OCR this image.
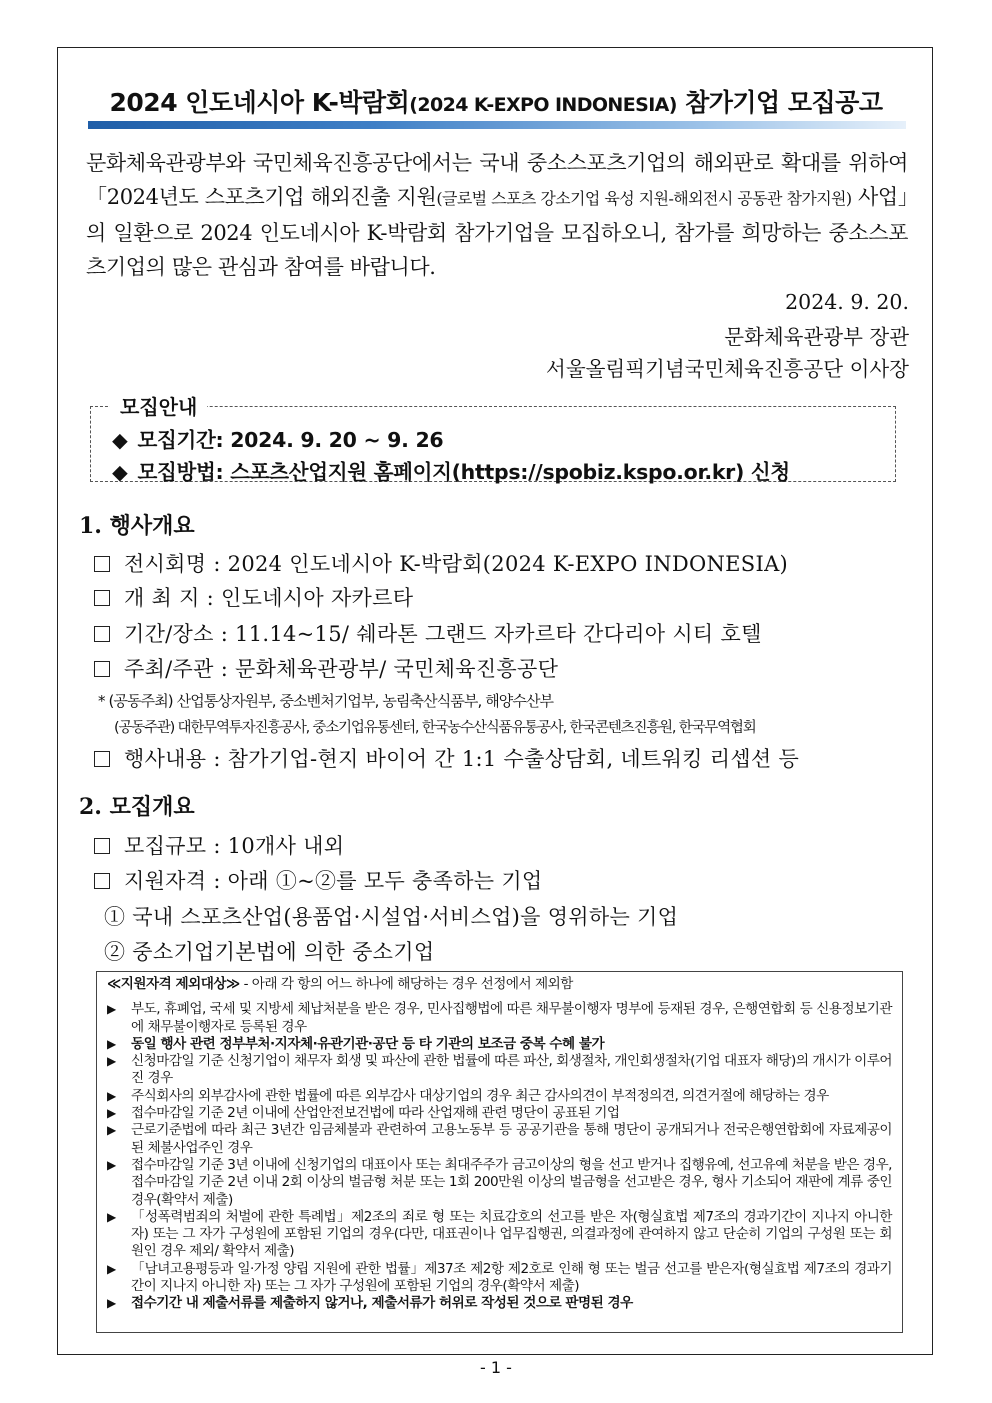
2024 인도네시아 K-박람회(2024 K-EXPO INDONESIA) 참가기업 모집공고
문화체육관광부와 국민체육진흥공단에서는 국내 중소스포츠기업의 해외판로 확대를 위하여「2024년도 스포츠기업 해외진출 지원(글로벌 스포츠 강소기업 육성 지원-해외전시 공동관 참가지원) 사업」의 일환으로 2024 인도네시아 K-박람회 참가기업을 모집하오니, 참가를 희망하는 중소스포츠기업의 많은 관심과 참여를 바랍니다.
2024. 9. 20.
문화체육관광부 장관
서울올림픽기념국민체육진흥공단 이사장
모집안내
◆ 모집기간: 2024. 9. 20 ~ 9. 26
◆ 모집방법: 스포츠산업지원 홈페이지(https://spobiz.kspo.or.kr) 신청
1. 행사개요
전시회명 : 2024 인도네시아 K-박람회(2024 K-EXPO INDONESIA)
개 최 지 : 인도네시아 자카르타
기간/장소 : 11.14~15/ 쉐라톤 그랜드 자카르타 간다리아 시티 호텔
주최/주관 : 문화체육관광부/ 국민체육진흥공단
* (공동주최) 산업통상자원부, 중소벤처기업부, 농림축산식품부, 해양수산부
(공동주관) 대한무역투자진흥공사, 중소기업유통센터, 한국농수산식품유통공사, 한국콘텐츠진흥원, 한국무역협회
행사내용 : 참가기업-현지 바이어 간 1:1 수출상담회, 네트워킹 리셉션 등
2. 모집개요
모집규모 : 10개사 내외
지원자격 : 아래 ①~②를 모두 충족하는 기업
① 국내 스포츠산업(용품업·시설업·서비스업)을 영위하는 기업
② 중소기업기본법에 의한 중소기업
≪지원자격 제외대상≫ - 아래 각 항의 어느 하나에 해당하는 경우 선정에서 제외함
▶ 부도, 휴폐업, 국세 및 지방세 체납처분을 받은 경우, 민사집행법에 따른 채무불이행자 명부에 등재된 경우, 은행연합회 등 신용정보기관에 채무불이행자로 등록된 경우
▶ 동일 행사 관련 정부부처·지자체·유관기관·공단 등 타 기관의 보조금 중복 수혜 불가
▶ 신청마감일 기준 신청기업이 채무자 회생 및 파산에 관한 법률에 따른 파산, 회생절차, 개인회생절차(기업 대표자 해당)의 개시가 이루어진 경우
▶ 주식회사의 외부감사에 관한 법률에 따른 외부감사 대상기업의 경우 최근 감사의견이 부적정의견, 의견거절에 해당하는 경우
▶ 접수마감일 기준 2년 이내에 산업안전보건법에 따라 산업재해 관련 명단이 공표된 기업
▶ 근로기준법에 따라 최근 3년간 임금체불과 관련하여 고용노동부 등 공공기관을 통해 명단이 공개되거나 전국은행연합회에 자료제공이 된 체불사업주인 경우
▶ 접수마감일 기준 3년 이내에 신청기업의 대표이사 또는 최대주주가 금고이상의 형을 선고 받거나 집행유예, 선고유예 처분을 받은 경우, 접수마감일 기준 2년 이내 2회 이상의 벌금형 처분 또는 1회 200만원 이상의 벌금형을 선고받은 경우, 형사 기소되어 재판에 계류 중인경우(확약서 제출)
▶ 「성폭력범죄의 처벌에 관한 특례법」제2조의 죄로 형 또는 치료감호의 선고를 받은 자(형실효법 제7조의 경과기간이 지나지 아니한 자) 또는 그 자가 구성원에 포함된 기업의 경우(다만, 대표권이나 업무집행권, 의결과정에 관여하지 않고 단순히 기업의 구성원 또는 회원인 경우 제외/ 확약서 제출)
▶ 「남녀고용평등과 일·가정 양립 지원에 관한 법률」제37조 제2항 제2호로 인해 형 또는 벌금 선고를 받은자(형실효법 제7조의 경과기간이 지나지 아니한 자) 또는 그 자가 구성원에 포함된 기업의 경우(확약서 제출)
▶ 접수기간 내 제출서류를 제출하지 않거나, 제출서류가 허위로 작성된 것으로 판명된 경우
- 1 -
